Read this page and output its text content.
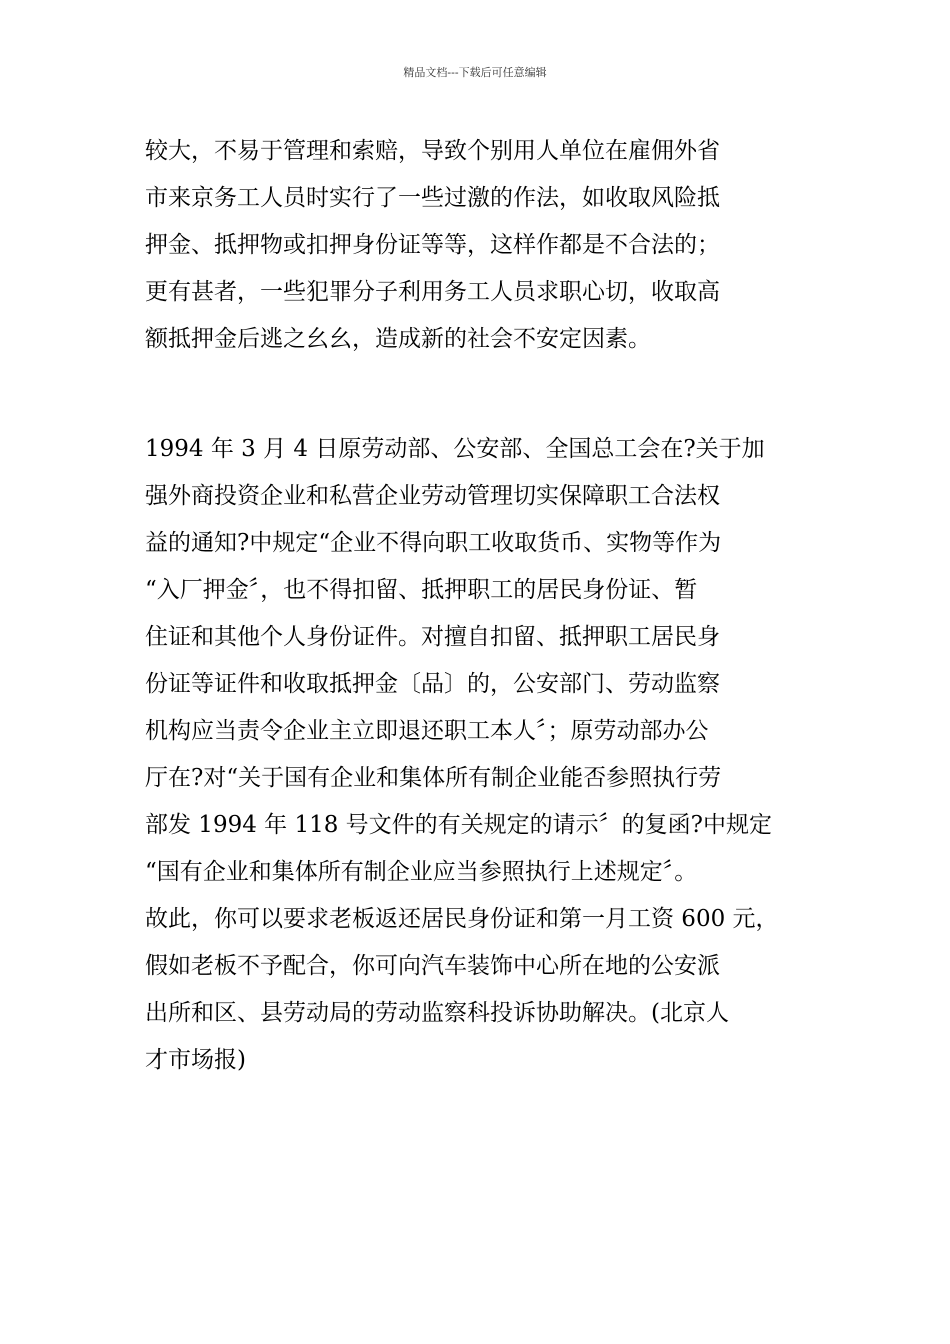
精品文档---下载后可任意编辑
较大，不易于管理和索赔，导致个别用人单位在雇佣外省
市来京务工人员时实行了一些过激的作法，如收取风险抵
押金、抵押物或扣押身份证等等，这样作都是不合法的；
更有甚者，一些犯罪分子利用务工人员求职心切，收取高
额抵押金后逃之幺幺，造成新的社会不安定因素。
1994 年 3 月 4 日原劳动部、公安部、全国总工会在?关于加
强外商投资企业和私营企业劳动管理切实保障职工合法权
益的通知?中规定“企业不得向职工收取货币、实物等作为
“入厂押金〞，也不得扣留、抵押职工的居民身份证、暂
住证和其他个人身份证件。对擅自扣留、抵押职工居民身
份证等证件和收取抵押金〔品〕的，公安部门、劳动监察
机构应当责令企业主立即退还职工本人〞；原劳动部办公
厅在?对“关于国有企业和集体所有制企业能否参照执行劳
部发 1994 年 118 号文件的有关规定的请示〞的复函?中规定
“国有企业和集体所有制企业应当参照执行上述规定〞。
故此，你可以要求老板返还居民身份证和第一月工资 600 元，
假如老板不予配合，你可向汽车装饰中心所在地的公安派
出所和区、县劳动局的劳动监察科投诉协助解决。(北京人
才市场报)
